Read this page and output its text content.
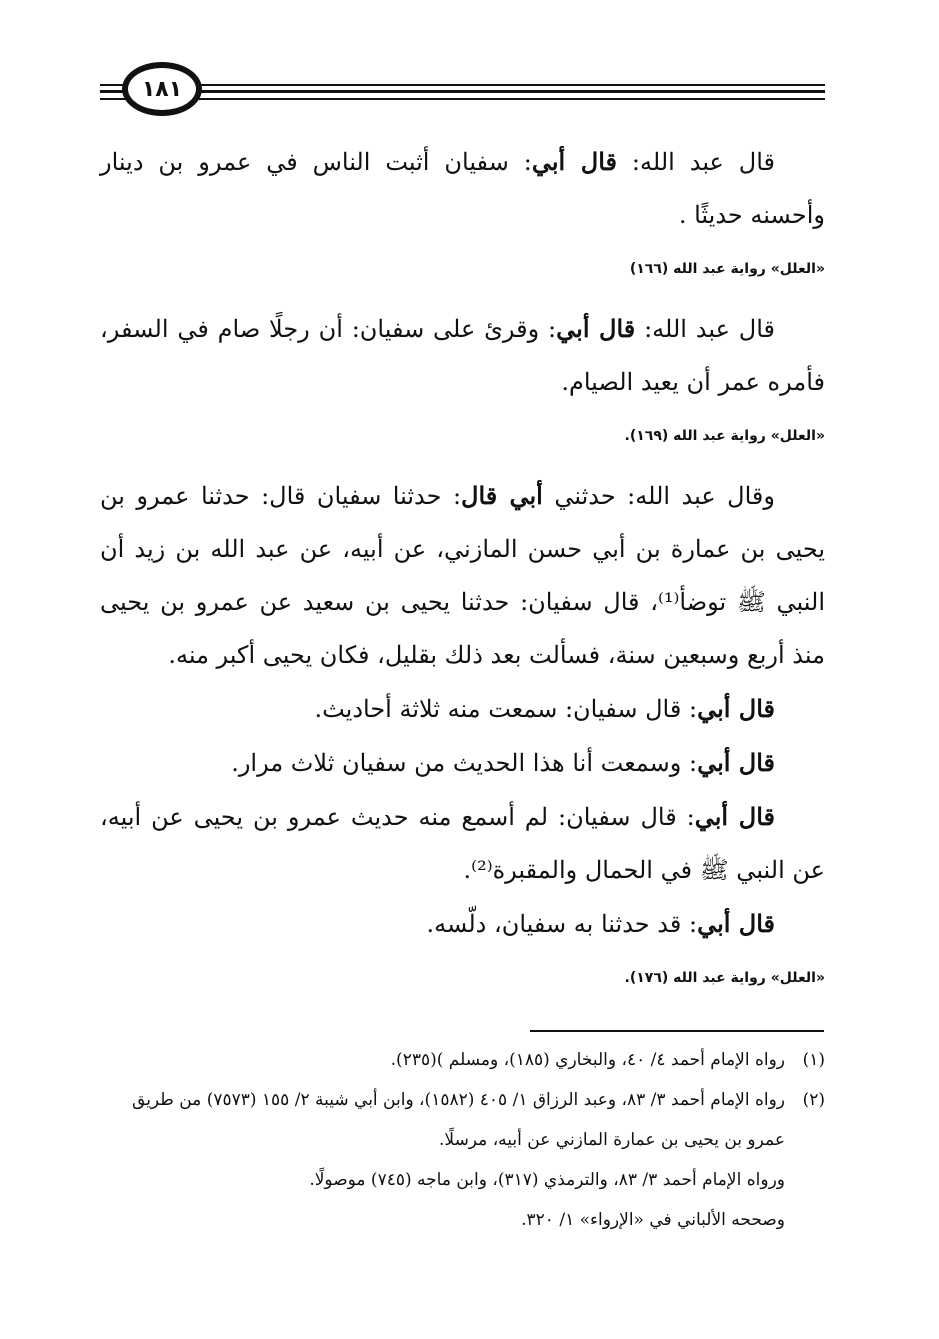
١٨١

قال عبد الله: قال أبي: سفيان أثبت الناس في عمرو بن دينار وأحسنه حديثًا .

«العلل» رواية عبد الله (١٦٦)

قال عبد الله: قال أبي: وقرئ على سفيان: أن رجلًا صام في السفر، فأمره عمر أن يعيد الصيام.

«العلل» رواية عبد الله (١٦٩).

وقال عبد الله: حدثني أبي قال: حدثنا سفيان قال: حدثنا عمرو بن يحيى بن عمارة بن أبي حسن المازني، عن أبيه، عن عبد الله بن زيد أن النبي ﷺ توضأ⁽¹⁾، قال سفيان: حدثنا يحيى بن سعيد عن عمرو بن يحيى منذ أربع وسبعين سنة، فسألت بعد ذلك بقليل، فكان يحيى أكبر منه.

قال أبي: قال سفيان: سمعت منه ثلاثة أحاديث.

قال أبي: وسمعت أنا هذا الحديث من سفيان ثلاث مرار.

قال أبي: قال سفيان: لم أسمع منه حديث عمرو بن يحيى عن أبيه، عن النبي ﷺ في الحمال والمقبرة⁽²⁾.

قال أبي: قد حدثنا به سفيان، دلّسه.

«العلل» رواية عبد الله (١٧٦).
(١)
رواه الإمام أحمد ٤/ ٤٠، والبخاري (١٨٥)، ومسلم )(٢٣٥).
(٢)
رواه الإمام أحمد ٣/ ٨٣، وعبد الرزاق ١/ ٤٠٥ (١٥٨٢)، وابن أبي شيبة ٢/ ١٥٥ (٧٥٧٣) من طريق عمرو بن يحيى بن عمارة المازني عن أبيه، مرسلًا.
ورواه الإمام أحمد ٣/ ٨٣، والترمذي (٣١٧)، وابن ماجه (٧٤٥) موصولًا.
وصححه الألباني في «الإرواء» ١/ ٣٢٠.
